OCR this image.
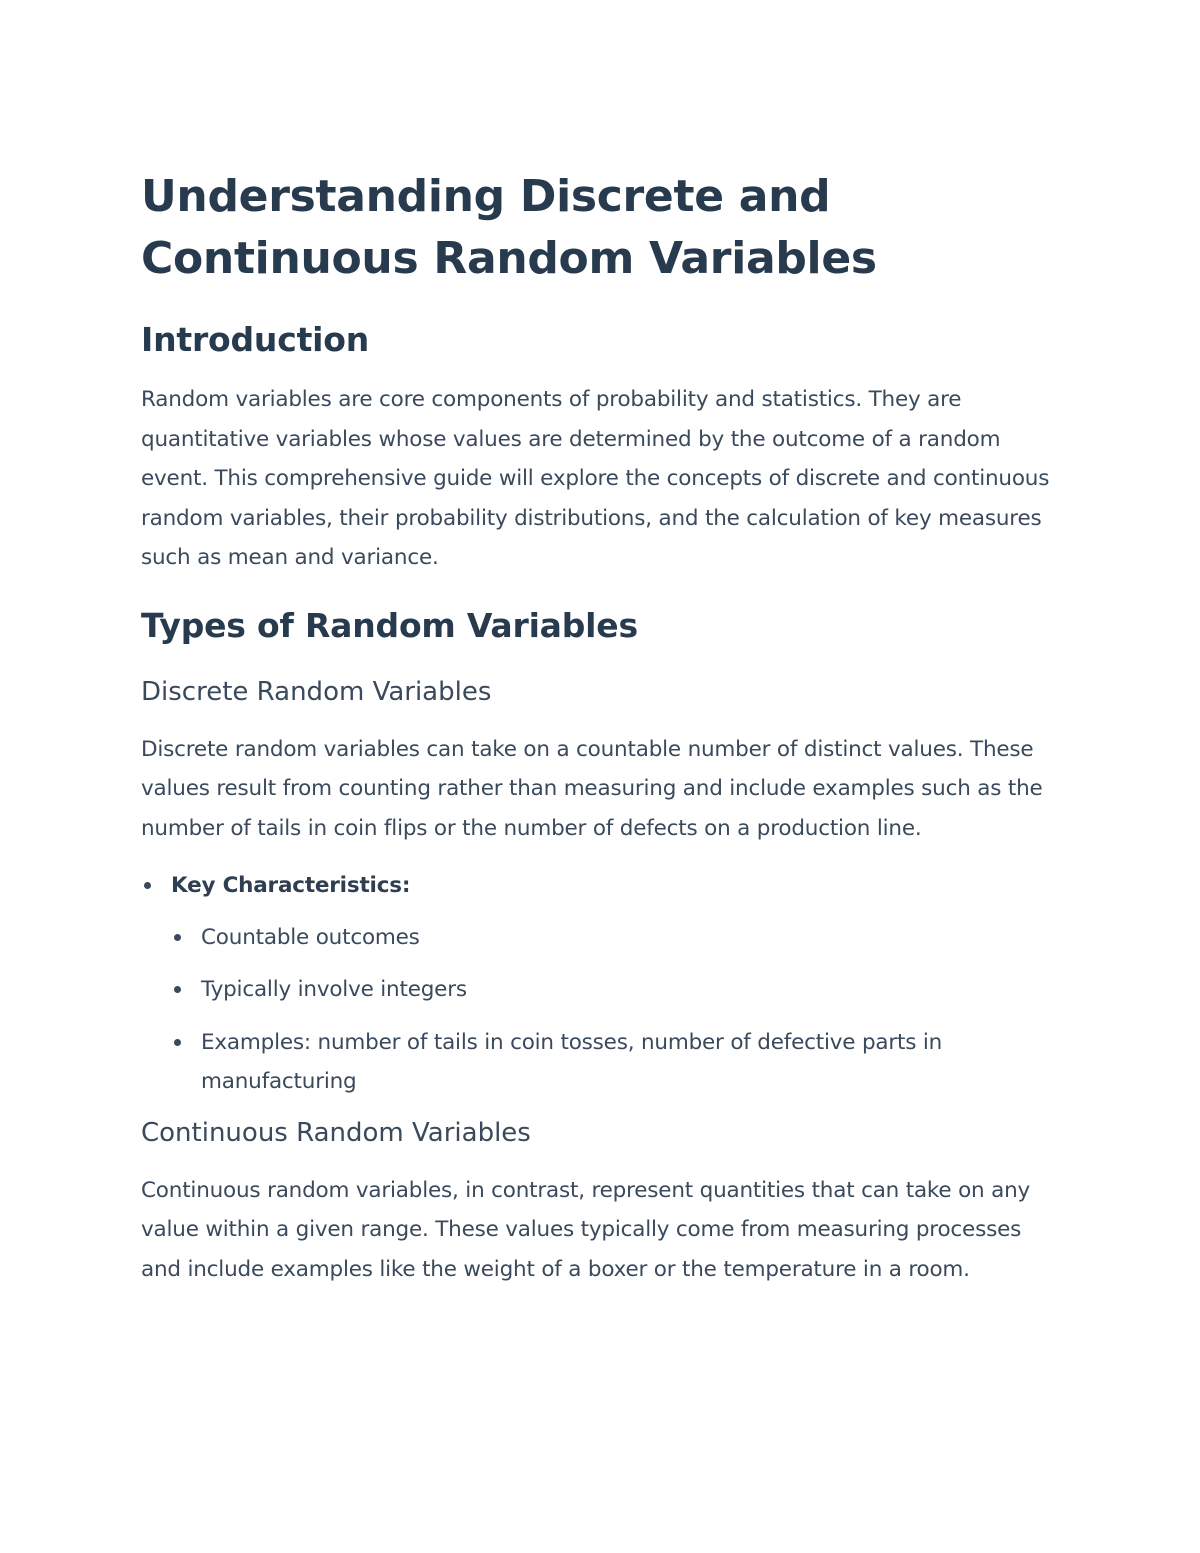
Understanding Discrete and Continuous Random Variables
Introduction

Random variables are core components of probability and statistics. They are quantitative variables whose values are determined by the outcome of a random event. This comprehensive guide will explore the concepts of discrete and continuous random variables, their probability distributions, and the calculation of key measures such as mean and variance.

Types of Random Variables
Discrete Random Variables

Discrete random variables can take on a countable number of distinct values. These values result from counting rather than measuring and include examples such as the number of tails in coin flips or the number of defects on a production line.

Key Characteristics:
Countable outcomes
Typically involve integers
Examples: number of tails in coin tosses, number of defective parts in manufacturing
Continuous Random Variables

Continuous random variables, in contrast, represent quantities that can take on any value within a given range. These values typically come from measuring processes and include examples like the weight of a boxer or the temperature in a room.
